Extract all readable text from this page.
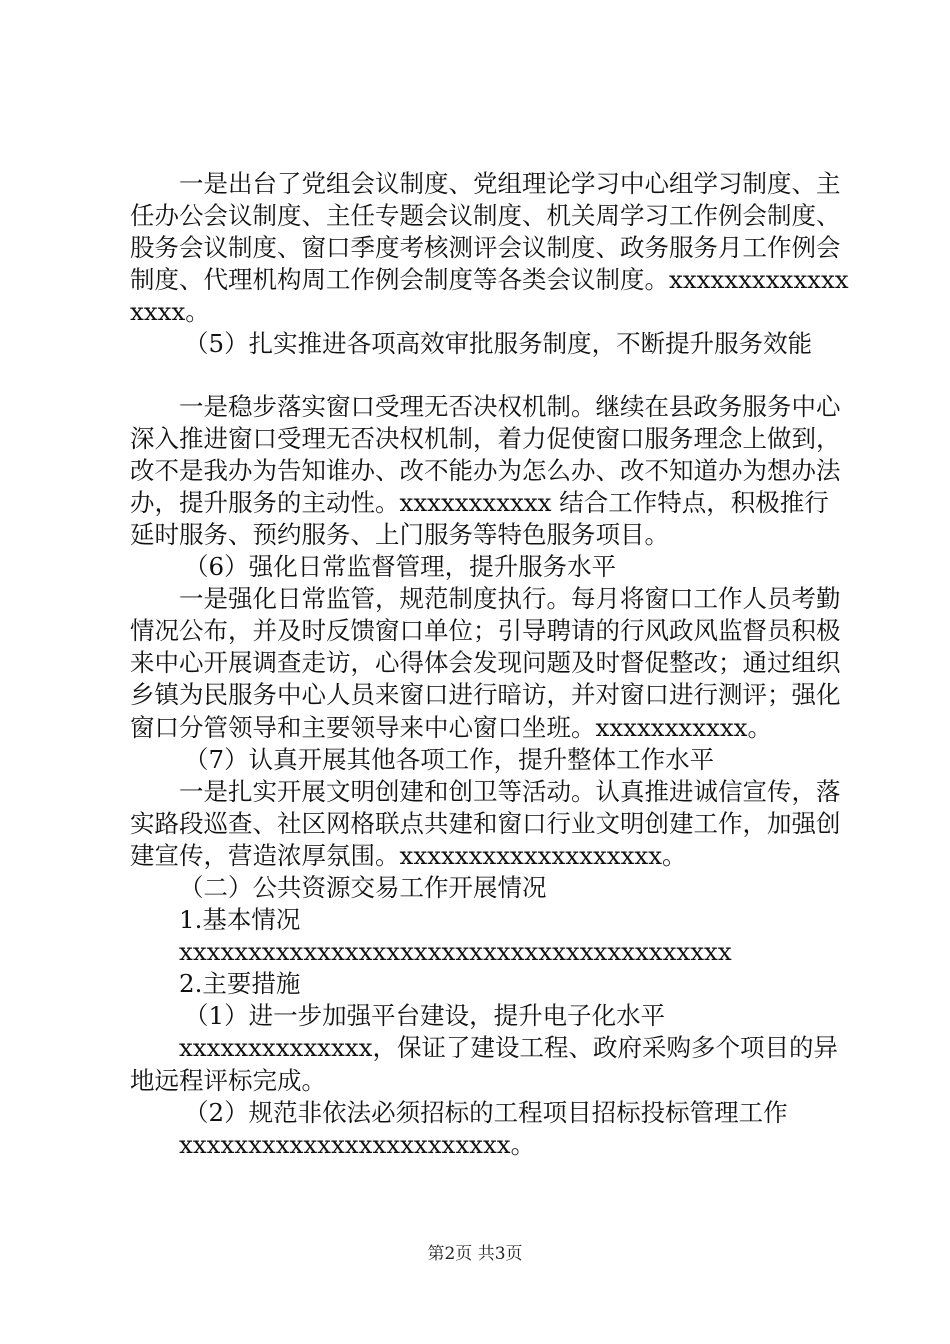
一是出台了党组会议制度、党组理论学习中心组学习制度、主任办公会议制度、主任专题会议制度、机关周学习工作例会制度、股务会议制度、窗口季度考核测评会议制度、政务服务月工作例会制度、代理机构周工作例会制度等各类会议制度。xxxxxxxxxxxxxxxxx。

（5）扎实推进各项高效审批服务制度，不断提升服务效能

一是稳步落实窗口受理无否决权机制。继续在县政务服务中心深入推进窗口受理无否决权机制，着力促使窗口服务理念上做到，改不是我办为告知谁办、改不能办为怎么办、改不知道办为想办法办，提升服务的主动性。xxxxxxxxxxx 结合工作特点，积极推行延时服务、预约服务、上门服务等特色服务项目。

（6）强化日常监督管理，提升服务水平

一是强化日常监管，规范制度执行。每月将窗口工作人员考勤情况公布，并及时反馈窗口单位；引导聘请的行风政风监督员积极来中心开展调查走访，心得体会发现问题及时督促整改；通过组织乡镇为民服务中心人员来窗口进行暗访，并对窗口进行测评；强化窗口分管领导和主要领导来中心窗口坐班。xxxxxxxxxxx。

（7）认真开展其他各项工作，提升整体工作水平

一是扎实开展文明创建和创卫等活动。认真推进诚信宣传，落实路段巡查、社区网格联点共建和窗口行业文明创建工作，加强创建宣传，营造浓厚氛围。xxxxxxxxxxxxxxxxxxx。

（二）公共资源交易工作开展情况

1.基本情况

xxxxxxxxxxxxxxxxxxxxxxxxxxxxxxxxxxxxxxxx

2.主要措施

（1）进一步加强平台建设，提升电子化水平

xxxxxxxxxxxxxx，保证了建设工程、政府采购多个项目的异地远程评标完成。

（2）规范非依法必须招标的工程项目招标投标管理工作

xxxxxxxxxxxxxxxxxxxxxxxx。

第2页 共3页
